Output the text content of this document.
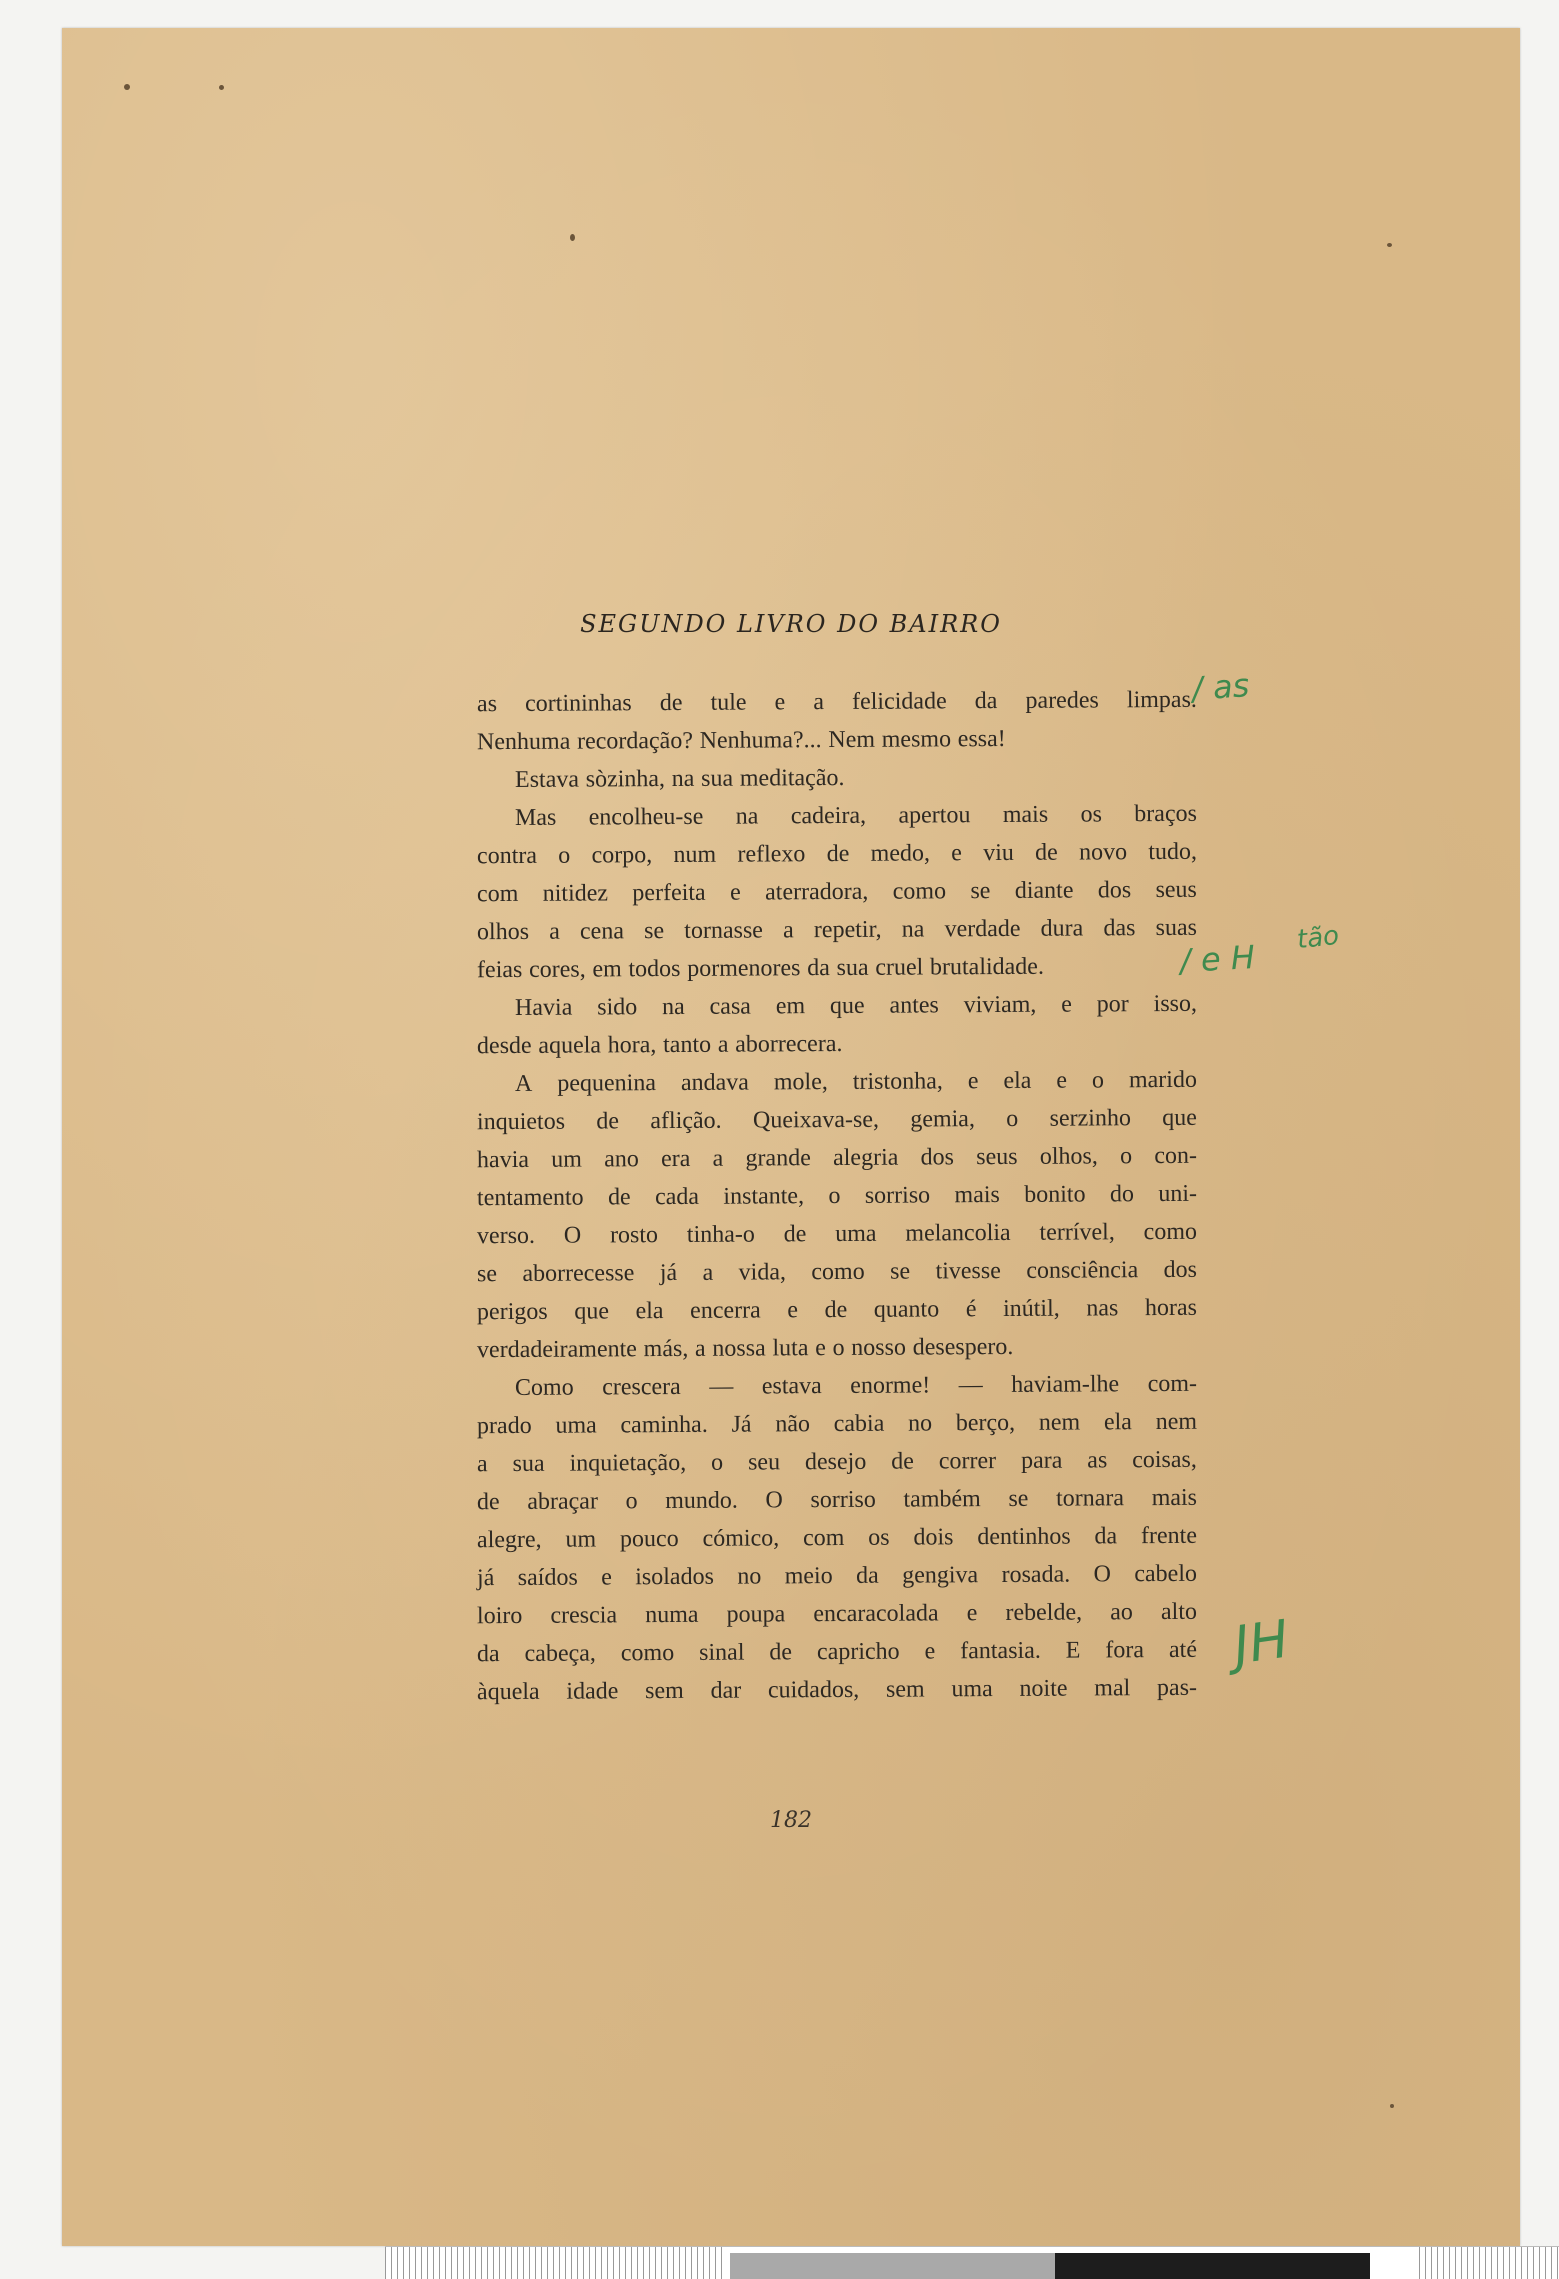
SEGUNDO LIVRO DO BAIRRO
as cortininhas de tule e a felicidade da paredes limpas.
Nenhuma recordação? Nenhuma?... Nem mesmo essa!
Estava sòzinha, na sua meditação.
Mas encolheu-se na cadeira, apertou mais os braços
contra o corpo, num reflexo de medo, e viu de novo tudo,
com nitidez perfeita e aterradora, como se diante dos seus
olhos a cena se tornasse a repetir, na verdade dura das suas
feias cores, em todos pormenores da sua cruel brutalidade.
Havia sido na casa em que antes viviam, e por isso,
desde aquela hora, tanto a aborrecera.
A pequenina andava mole, tristonha, e ela e o marido
inquietos de aflição. Queixava-se, gemia, o serzinho que
havia um ano era a grande alegria dos seus olhos, o con-
tentamento de cada instante, o sorriso mais bonito do uni-
verso. O rosto tinha-o de uma melancolia terrível, como
se aborrecesse já a vida, como se tivesse consciência dos
perigos que ela encerra e de quanto é inútil, nas horas
verdadeiramente más, a nossa luta e o nosso desespero.
Como crescera — estava enorme! — haviam-lhe com-
prado uma caminha. Já não cabia no berço, nem ela nem
a sua inquietação, o seu desejo de correr para as coisas,
de abraçar o mundo. O sorriso também se tornara mais
alegre, um pouco cómico, com os dois dentinhos da frente
já saídos e isolados no meio da gengiva rosada. O cabelo
loiro crescia numa poupa encaracolada e rebelde, ao alto
da cabeça, como sinal de capricho e fantasia. E fora até
àquela idade sem dar cuidados, sem uma noite mal pas-
182
/ as
/ e H
tão
JH
